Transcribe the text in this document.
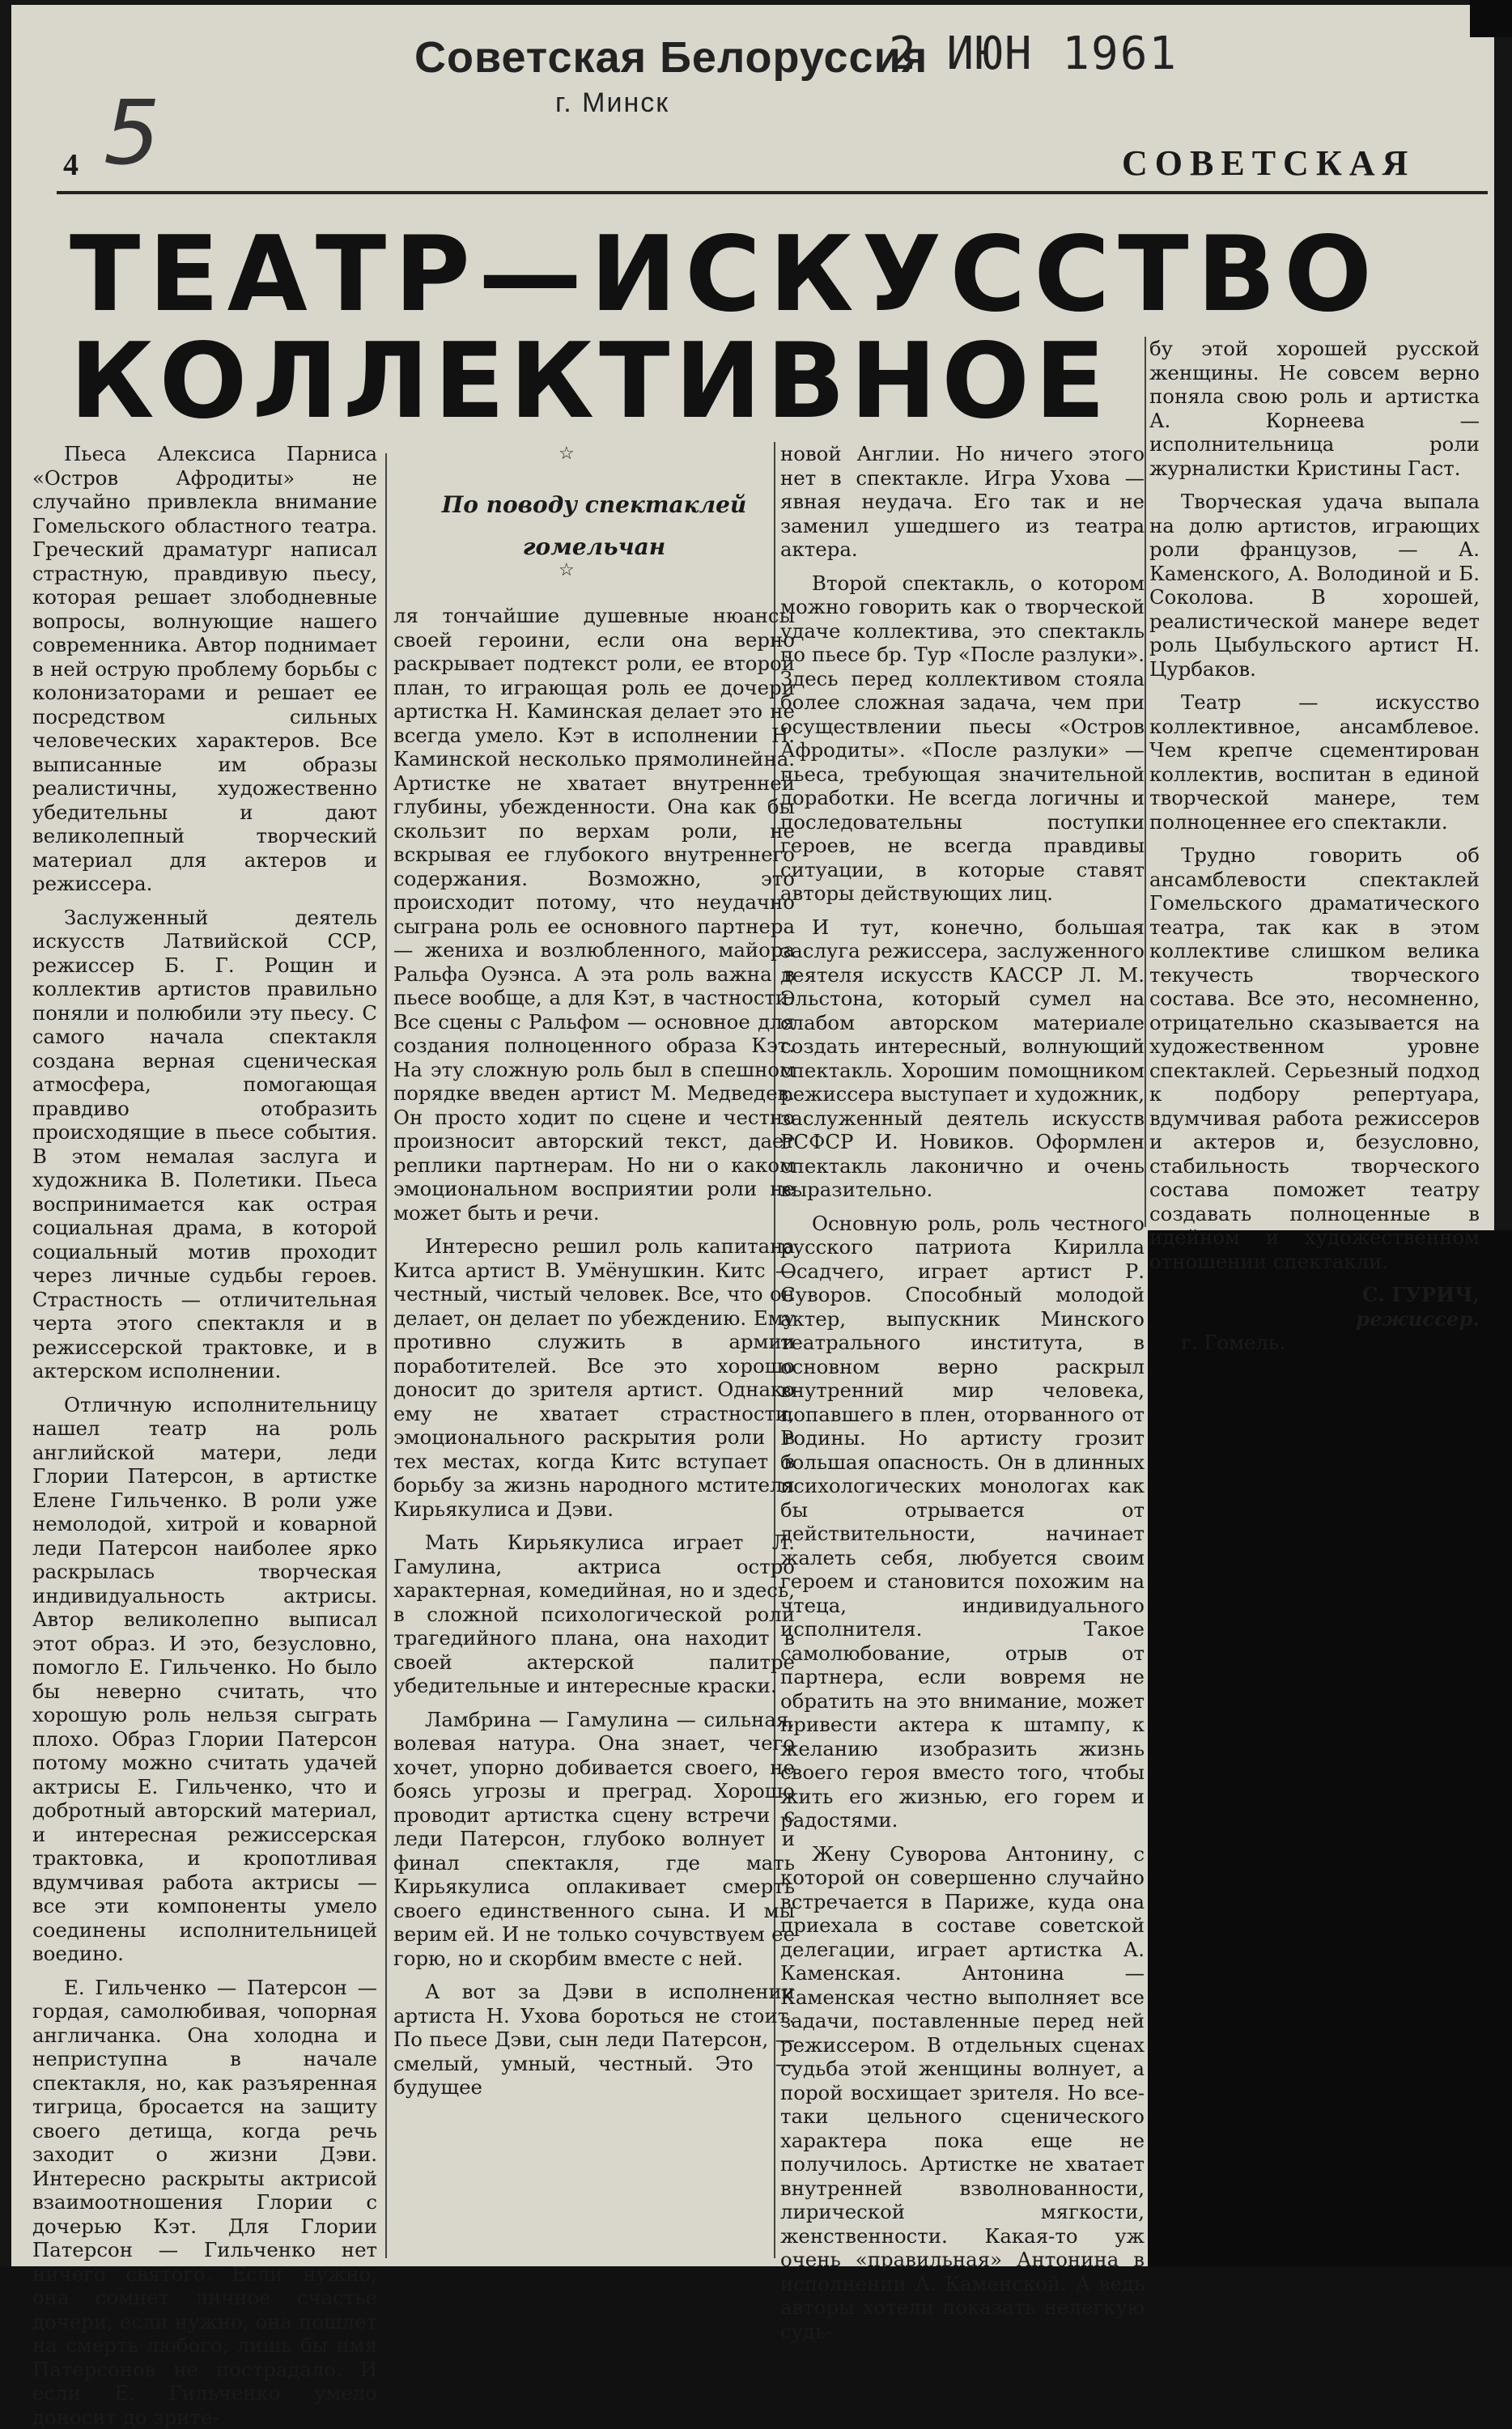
Советская Белоруссия
2 ИЮН 1961
г. Минск
5
4	СОВЕТСКАЯ
ТЕАТР—ИСКУССТВО
КОЛЛЕКТИВНОЕ
☆

По поводу спектаклей гомельчан
☆

Пьеса Алексиса Парниса «Остров Афродиты» не случайно привлекла внимание Гомельского областного театра. Греческий драматург написал страстную, правдивую пьесу, которая решает злободневные вопросы, волнующие нашего современника. Автор поднимает в ней острую проблему борьбы с колонизаторами и решает ее посредством сильных человеческих характеров. Все выписанные им образы реалистичны, художественно убедительны и дают великолепный творческий материал для актеров и режиссера.

Заслуженный деятель искусств Латвийской ССР, режиссер Б. Г. Рощин и коллектив артистов правильно поняли и полюбили эту пьесу. С самого начала спектакля создана верная сценическая атмосфера, помогающая правдиво отобразить происходящие в пьесе события. В этом немалая заслуга и художника В. Полетики. Пьеса воспринимается как острая социальная драма, в которой социальный мотив проходит через личные судьбы героев. Страстность — отличительная черта этого спектакля и в режиссерской трактовке, и в актерском исполнении.

Отличную исполнительницу нашел театр на роль английской матери, леди Глории Патерсон, в артистке Елене Гильченко. В роли уже немолодой, хитрой и коварной леди Патерсон наиболее ярко раскрылась творческая индивидуальность актрисы. Автор великолепно выписал этот образ. И это, безусловно, помогло Е. Гильченко. Но было бы неверно считать, что хорошую роль нельзя сыграть плохо. Образ Глории Патерсон потому можно считать удачей актрисы Е. Гильченко, что и добротный авторский материал, и интересная режиссерская трактовка, и кропотливая вдумчивая работа актрисы — все эти компоненты умело соединены исполнительницей воедино.

Е. Гильченко — Патерсон — гордая, самолюбивая, чопорная англичанка. Она холодна и неприступна в начале спектакля, но, как разъяренная тигрица, бросается на защиту своего детища, когда речь заходит о жизни Дэви. Интересно раскрыты актрисой взаимоотношения Глории с дочерью Кэт. Для Глории Патерсон — Гильченко нет ничего святого. Если нужно, она сомнет личное счастье дочери, если нужно, она пошлет на смерть любого, лишь бы имя Патерсонов не пострадало. И если Е. Гильченко умело доносит до зрите-

ля тончайшие душевные нюансы своей героини, если она верно раскрывает подтекст роли, ее второй план, то играющая роль ее дочери артистка Н. Каминская делает это не всегда умело. Кэт в исполнении Н. Каминской несколько прямолинейна. Артистке не хватает внутренней глубины, убежденности. Она как бы скользит по верхам роли, не вскрывая ее глубокого внутреннего содержания. Возможно, это происходит потому, что неудачно сыграна роль ее основного партнера — жениха и возлюбленного, майора Ральфа Оуэнса. А эта роль важна в пьесе вообще, а для Кэт, в частности. Все сцены с Ральфом — основное для создания полноценного образа Кэт. На эту сложную роль был в спешном порядке введен артист М. Медведев. Он просто ходит по сцене и честно произносит авторский текст, дает реплики партнерам. Но ни о каком эмоциональном восприятии роли не может быть и речи.

Интересно решил роль капитана Китса артист В. Умёнушкин. Китс — честный, чистый человек. Все, что он делает, он делает по убеждению. Ему противно служить в армии поработителей. Все это хорошо доносит до зрителя артист. Однако ему не хватает страстности, эмоционального раскрытия роли в тех местах, когда Китс вступает в борьбу за жизнь народного мстителя Кирьякулиса и Дэви.

Мать Кирьякулиса играет Л. Гамулина, актриса остро характерная, комедийная, но и здесь, в сложной психологической роли трагедийного плана, она находит в своей актерской палитре убедительные и интересные краски.

Ламбрина — Гамулина — сильная, волевая натура. Она знает, чего хочет, упорно добивается своего, не боясь угрозы и преград. Хорошо проводит артистка сцену встречи с леди Патерсон, глубоко волнует и финал спектакля, где мать Кирьякулиса оплакивает смерть своего единственного сына. И мы верим ей. И не только сочувствуем ее горю, но и скорбим вместе с ней.

А вот за Дэви в исполнении артиста Н. Ухова бороться не стоит. По пьесе Дэви, сын леди Патерсон, — смелый, умный, честный. Это — будущее

новой Англии. Но ничего этого нет в спектакле. Игра Ухова — явная неудача. Его так и не заменил ушедшего из театра актера.

Второй спектакль, о котором можно говорить как о творческой удаче коллектива, это спектакль по пьесе бр. Тур «После разлуки». Здесь перед коллективом стояла более сложная задача, чем при осуществлении пьесы «Остров Афродиты». «После разлуки» — пьеса, требующая значительной доработки. Не всегда логичны и последовательны поступки героев, не всегда правдивы ситуации, в которые ставят авторы действующих лиц.

И тут, конечно, большая заслуга режиссера, заслуженного деятеля искусств КАССР Л. М. Эльстона, который сумел на слабом авторском материале создать интересный, волнующий спектакль. Хорошим помощником режиссера выступает и художник, заслуженный деятель искусств РСФСР И. Новиков. Оформлен спектакль лаконично и очень выразительно.

Основную роль, роль честного русского патриота Кирилла Осадчего, играет артист Р. Суворов. Способный молодой актер, выпускник Минского театрального института, в основном верно раскрыл внутренний мир человека, попавшего в плен, оторванного от Родины. Но артисту грозит большая опасность. Он в длинных психологических монологах как бы отрывается от действительности, начинает жалеть себя, любуется своим героем и становится похожим на чтеца, индивидуального исполнителя. Такое самолюбование, отрыв от партнера, если вовремя не обратить на это внимание, может привести актера к штампу, к желанию изобразить жизнь своего героя вместо того, чтобы жить его жизнью, его горем и радостями.

Жену Суворова Антонину, с которой он совершенно случайно встречается в Париже, куда она приехала в составе советской делегации, играет артистка А. Каменская. Антонина — Каменская честно выполняет все задачи, поставленные перед ней режиссером. В отдельных сценах судьба этой женщины волнует, а порой восхищает зрителя. Но все-таки цельного сценического характера пока еще не получилось. Артистке не хватает внутренней взволнованности, лирической мягкости, женственности. Какая-то уж очень «правильная» Антонина в исполнении А. Каменской. А ведь авторы хотели показать нелегкую судь-

бу этой хорошей русской женщины. Не совсем верно поняла свою роль и артистка А. Корнеева — исполнительница роли журналистки Кристины Гаст.

Творческая удача выпала на долю артистов, играющих роли французов, — А. Каменского, А. Володиной и Б. Соколова. В хорошей, реалистической манере ведет роль Цыбульского артист Н. Цурбаков.

Театр — искусство коллективное, ансамблевое. Чем крепче сцементирован коллектив, воспитан в единой творческой манере, тем полноценнее его спектакли.

Трудно говорить об ансамблевости спектаклей Гомельского драматического театра, так как в этом коллективе слишком велика текучесть творческого состава. Все это, несомненно, отрицательно сказывается на художественном уровне спектаклей. Серьезный подход к подбору репертуара, вдумчивая работа режиссеров и актеров и, безусловно, стабильность творческого состава поможет театру создавать полноценные в идейном и художественном отношении спектакли.

С. ГУРИЧ,
режиссер.

г. Гомель.
